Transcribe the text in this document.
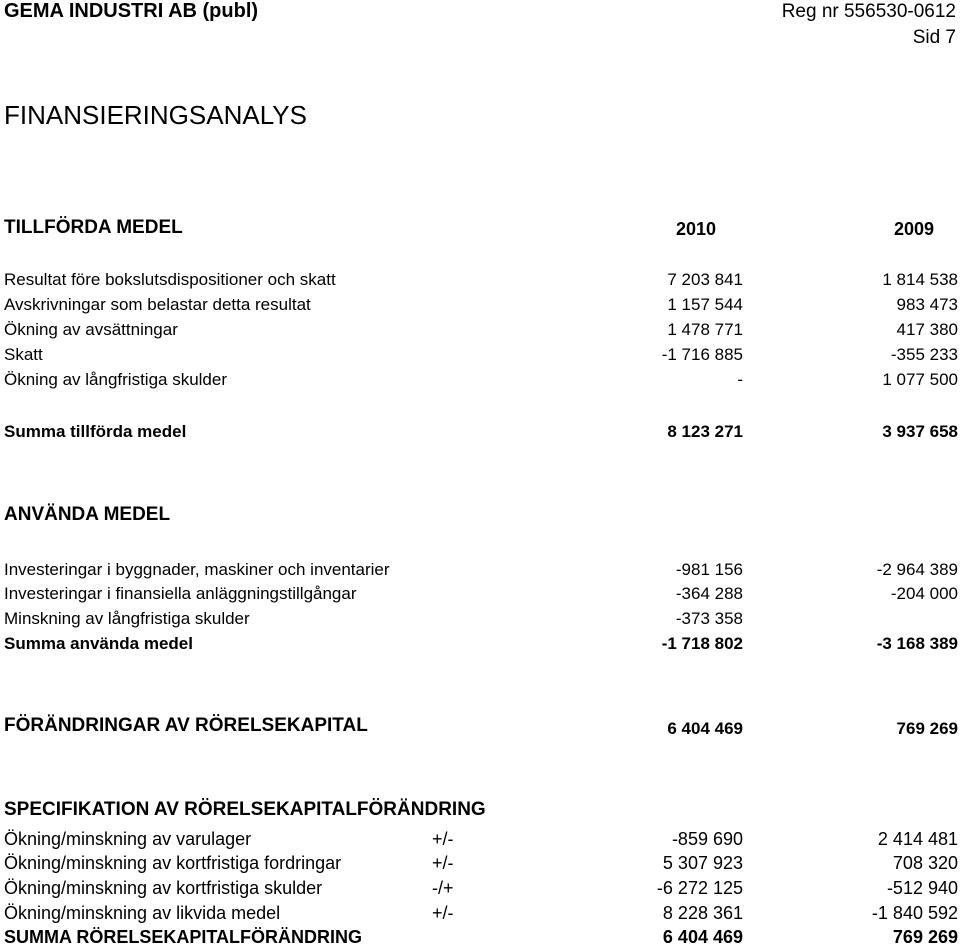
GEMA INDUSTRI AB (publ)	Reg nr 556530-0612
Sid 7
FINANSIERINGSANALYS
TILLFÖRDA MEDEL	2010	2009
Resultat före bokslutsdispositioner och skatt	7 203 841	1 814 538
Avskrivningar som belastar detta resultat	1 157 544	983 473
Ökning av avsättningar	1 478 771	417 380
Skatt	-1 716 885	-355 233
Ökning av långfristiga skulder	-	1 077 500
Summa tillförda medel	8 123 271	3 937 658
ANVÄNDA MEDEL
Investeringar i byggnader, maskiner och inventarier	-981 156	-2 964 389
Investeringar i finansiella anläggningstillgångar	-364 288	-204 000
Minskning av långfristiga skulder	-373 358
Summa använda medel	-1 718 802	-3 168 389
FÖRÄNDRINGAR AV RÖRELSEKAPITAL	6 404 469	769 269
SPECIFIKATION AV RÖRELSEKAPITALFÖRÄNDRING
Ökning/minskning av varulager	+/-	-859 690	2 414 481
Ökning/minskning av kortfristiga fordringar	+/-	5 307 923	708 320
Ökning/minskning av kortfristiga skulder	-/+	-6 272 125	-512 940
Ökning/minskning av likvida medel	+/-	8 228 361	-1 840 592
SUMMA RÖRELSEKAPITALFÖRÄNDRING	6 404 469	769 269
